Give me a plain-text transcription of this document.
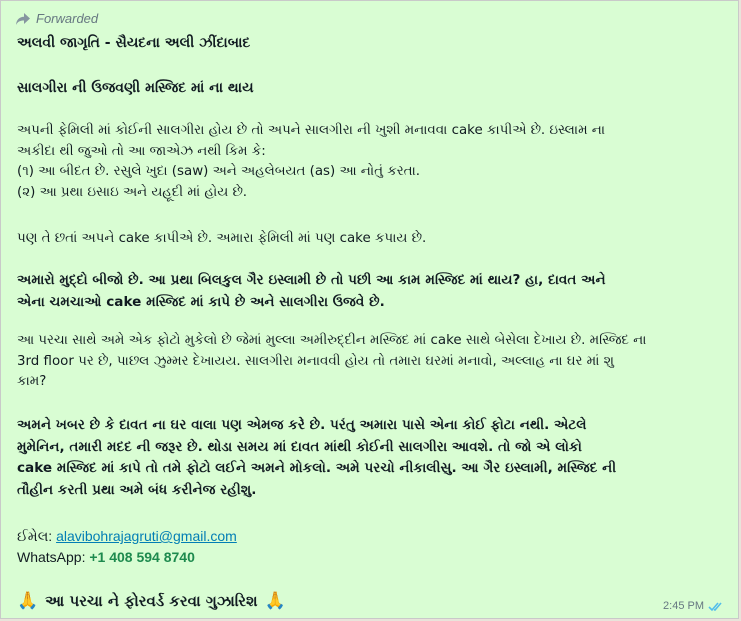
Forwarded
અલવી જાગૃતિ - સૈયદના અલી ઝીંદાબાદ
સાલગીરા ની ઉજવણી મસ્જિદ માં ના થાય
અપની ફેમિલી માં કોઈની સાલગીરા હોય છે તો અપને સાલગીરા ની ખુશી મનાવવા cake કાપીએ છે. ઇસ્લામ ના
અકીદા થી જુઓ તો આ જાએઝ નથી કિમ કે:
(૧) આ બીદત છે. રસુલે ખુદા (saw) અને અહલેબયત (as) આ નોતું કરતા.
(૨) આ પ્રથા ઇસાઇ અને યહૂદી માં હોય છે.
પણ તે છતાં અપને cake કાપીએ છે. અમારા ફેમિલી માં પણ cake કપાય છે.
અમારો મુદ્દો બીજો છે. આ પ્રથા બિલકુલ ગૈર ઇસ્લામી છે તો પછી આ કામ મસ્જિદ માં થાય? હા, દાવત અને
એના ચમચાઓ cake મસ્જિદ માં કાપે છે અને સાલગીરા ઉજવે છે.
આ પરચા સાથે અમે એક ફોટો મુકેલો છે જેમાં મુલ્લા અમીરુદ્દીન મસ્જિદ માં cake સાથે બેસેલા દેખાય છે. મસ્જિદ ના
3rd floor પર છે, પાછલ ઝુમ્મર દેખાયય. સાલગીરા મનાવવી હોય તો તમારા ઘરમાં મનાવો, અલ્લાહ ના ઘર માં શુ
કામ?
અમને ખબર છે કે દાવત ના ઘર વાલા પણ એમજ કરે છે. પરંતુ અમારા પાસે એના કોઈ ફોટા નથી. એટલે
મુમેનિન, તમારી મદદ ની જરૂર છે. થોડા સમય માં દાવત માંથી કોઈની સાલગીરા આવશે. તો જો એ લોકો
cake મસ્જિદ માં કાપે તો તમે ફોટો લઈને અમને મોકલો. અમે પરચો નીકાલીસુ. આ ગૈર ઇસ્લામી, મસ્જિદ ની
તૌહીન કરતી પ્રથા અમે બંધ કરીનેજ રહીશુ.
ઈમેલ: alavibohrajagruti@gmail.com
WhatsApp: +1 408 594 8740
🙏 આ પરચા ને ફોરવર્ડ કરવા ગુઝારિશ 🙏	2:45 PM
